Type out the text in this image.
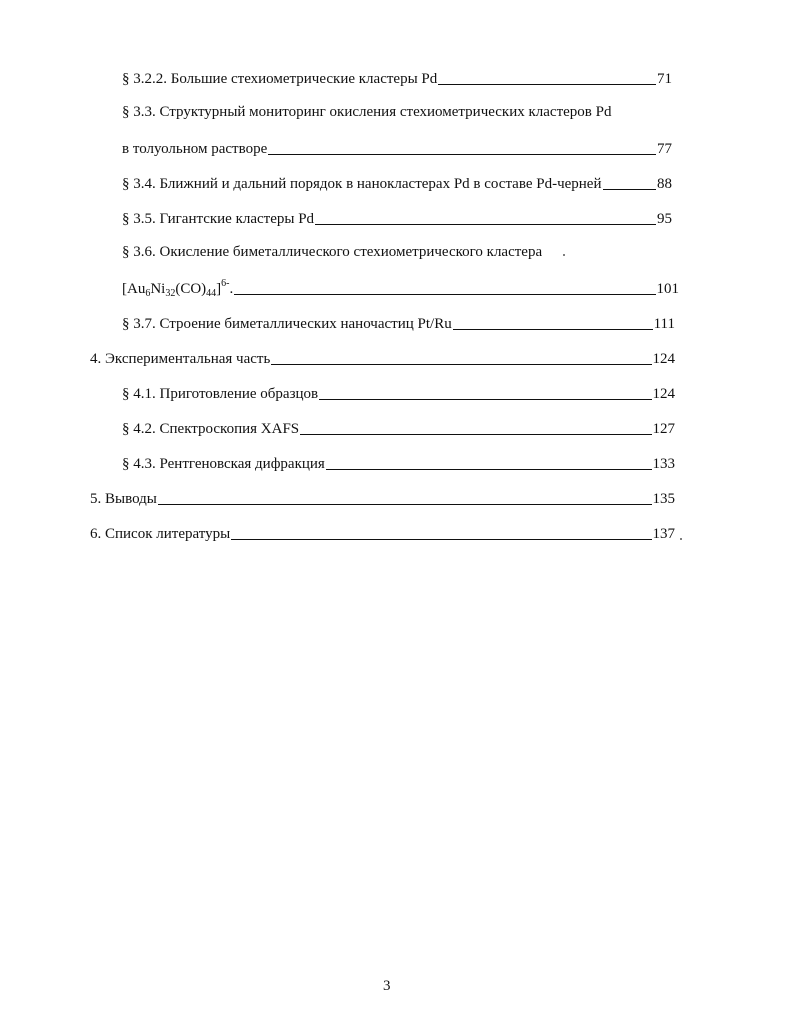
§ 3.2.2. Большие стехиометрические кластеры Pd	71
§ 3.3. Структурный мониторинг окисления стехиометрических кластеров Pd
в толуольном растворе	77
§ 3.4. Ближний и дальний порядок в нанокластерах Pd в составе Pd-черней	88
§ 3.5. Гигантские кластеры Pd	95
§ 3.6. Окисление биметаллического стехиометрического кластера
$[Au_6Ni_{32}(CO)_{44}]^{6-}$.	101
§ 3.7. Строение биметаллических наночастиц Pt/Ru	111
4. Экспериментальная часть	124
§ 4.1. Приготовление образцов	124
§ 4.2. Спектроскопия XAFS	127
§ 4.3. Рентгеновская дифракция	133
5. Выводы	135
6. Список литературы	137
3
